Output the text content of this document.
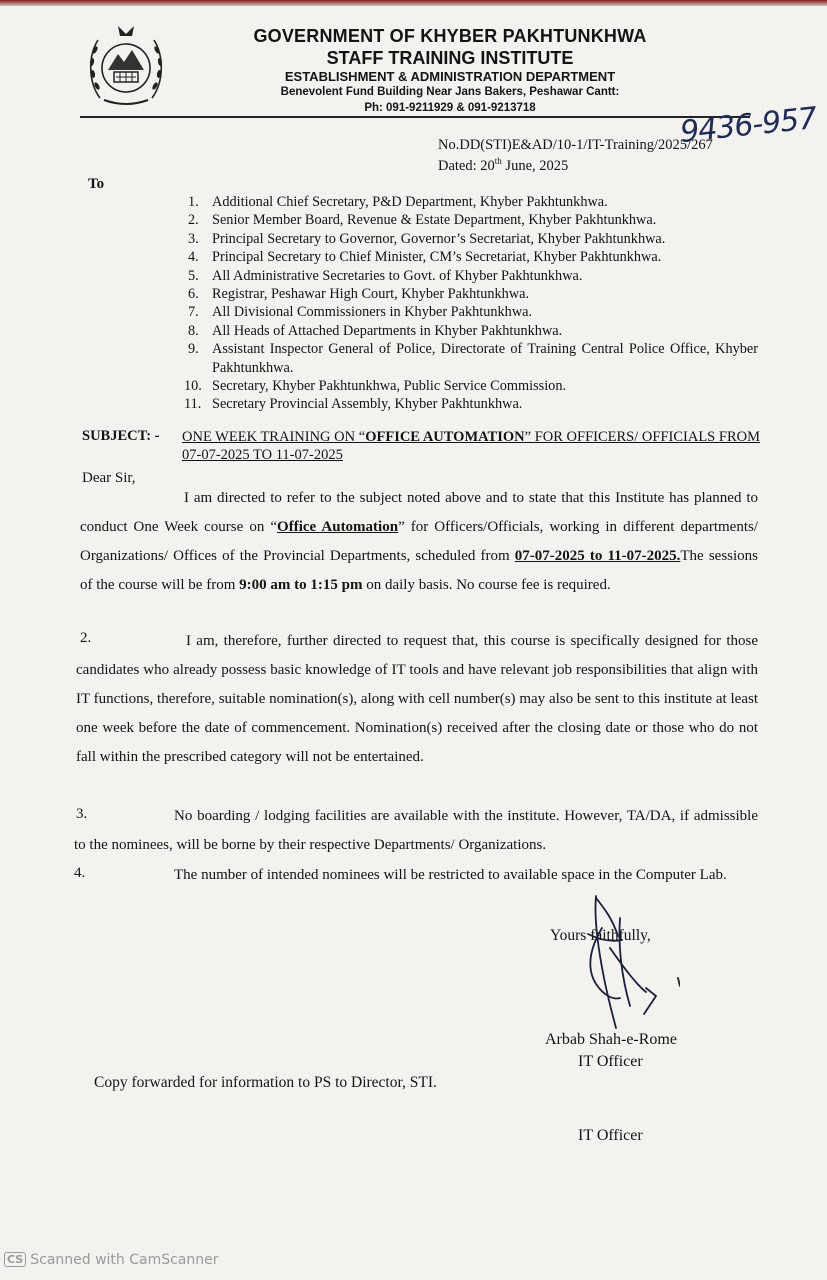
GOVERNMENT OF KHYBER PAKHTUNKHWA
STAFF TRAINING INSTITUTE
ESTABLISHMENT & ADMINISTRATION DEPARTMENT
Benevolent Fund Building Near Jans Bakers, Peshawar Cantt:
Ph: 091-9211929 & 091-9213718
No.DD(STI)E&AD/10-1/IT-Training/2025/267
Dated: 20th June, 2025
9436-957
To
1. Additional Chief Secretary, P&D Department, Khyber Pakhtunkhwa.
2. Senior Member Board, Revenue & Estate Department, Khyber Pakhtunkhwa.
3. Principal Secretary to Governor, Governor’s Secretariat, Khyber Pakhtunkhwa.
4. Principal Secretary to Chief Minister, CM’s Secretariat, Khyber Pakhtunkhwa.
5. All Administrative Secretaries to Govt. of Khyber Pakhtunkhwa.
6. Registrar, Peshawar High Court, Khyber Pakhtunkhwa.
7. All Divisional Commissioners in Khyber Pakhtunkhwa.
8. All Heads of Attached Departments in Khyber Pakhtunkhwa.
9. Assistant Inspector General of Police, Directorate of Training Central Police Office, Khyber Pakhtunkhwa.
10. Secretary, Khyber Pakhtunkhwa, Public Service Commission.
11. Secretary Provincial Assembly, Khyber Pakhtunkhwa.
SUBJECT: - ONE WEEK TRAINING ON “OFFICE AUTOMATION” FOR OFFICERS/ OFFICIALS FROM 07-07-2025 TO 11-07-2025
Dear Sir,
I am directed to refer to the subject noted above and to state that this Institute has planned to conduct One Week course on “Office Automation” for Officers/Officials, working in different departments/ Organizations/ Offices of the Provincial Departments, scheduled from 07-07-2025 to 11-07-2025.The sessions of the course will be from 9:00 am to 1:15 pm on daily basis. No course fee is required.
2.	I am, therefore, further directed to request that, this course is specifically designed for those candidates who already possess basic knowledge of IT tools and have relevant job responsibilities that align with IT functions, therefore, suitable nomination(s), along with cell number(s) may also be sent to this institute at least one week before the date of commencement. Nomination(s) received after the closing date or those who do not fall within the prescribed category will not be entertained.
3.	No boarding / lodging facilities are available with the institute. However, TA/DA, if admissible to the nominees, will be borne by their respective Departments/ Organizations.
4.	The number of intended nominees will be restricted to available space in the Computer Lab.
Yours faithfully,
Arbab Shah-e-Rome
IT Officer
Copy forwarded for information to PS to Director, STI.
IT Officer
CS Scanned with CamScanner
